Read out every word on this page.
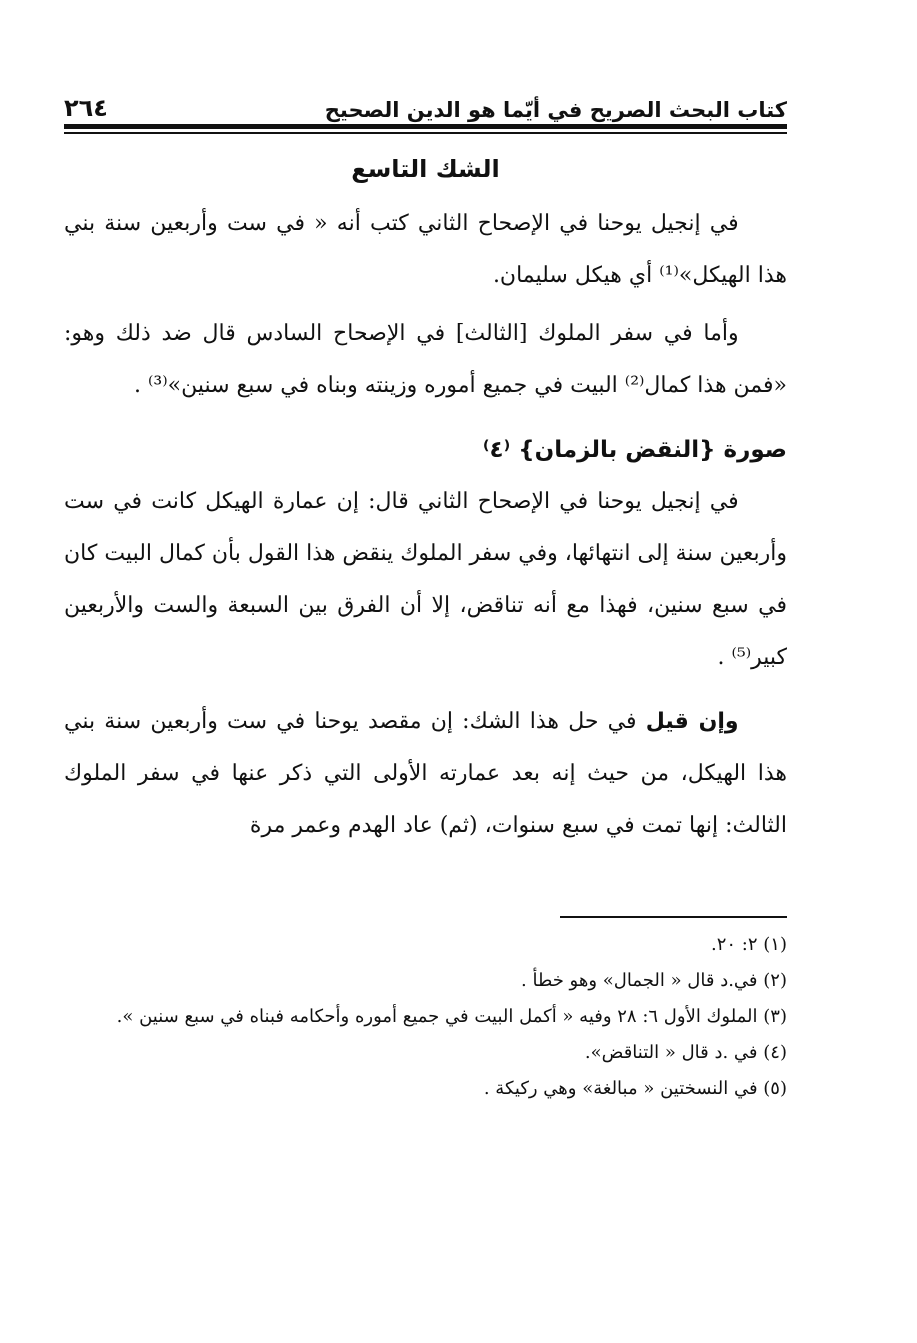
كتاب البحث الصريح في أيّما هو الدين الصحيح
٢٦٤

الشك التاسع

في إنجيل يوحنا في الإصحاح الثاني كتب أنه « في ست وأربعين سنة بني هذا الهيكل»⁽¹⁾ أي هيكل سليمان.

وأما في سفر الملوك [الثالث] في الإصحاح السادس قال ضد ذلك وهو: «فمن هذا كمال⁽²⁾ البيت في جميع أموره وزينته وبناه في سبع سنين»⁽³⁾ .

صورة {النقض بالزمان} ⁽٤⁾

في إنجيل يوحنا في الإصحاح الثاني قال: إن عمارة الهيكل كانت في ست وأربعين سنة إلى انتهائها، وفي سفر الملوك ينقض هذا القول بأن كمال البيت كان في سبع سنين، فهذا مع أنه تناقض، إلا أن الفرق بين السبعة والست والأربعين كبير⁽⁵⁾ .

وإن قيل في حل هذا الشك: إن مقصد يوحنا في ست وأربعين سنة بني هذا الهيكل، من حيث إنه بعد عمارته الأولى التي ذكر عنها في سفر الملوك الثالث: إنها تمت في سبع سنوات، (ثم) عاد الهدم وعمر مرة

(١) ٢: ٢٠.

(٢) في.د قال « الجمال» وهو خطأ .

(٣) الملوك الأول ٦: ٢٨ وفيه « أكمل البيت في جميع أموره وأحكامه فبناه في سبع سنين ».

(٤) في .د قال « التناقض».

(٥) في النسختين « مبالغة» وهي ركيكة .
